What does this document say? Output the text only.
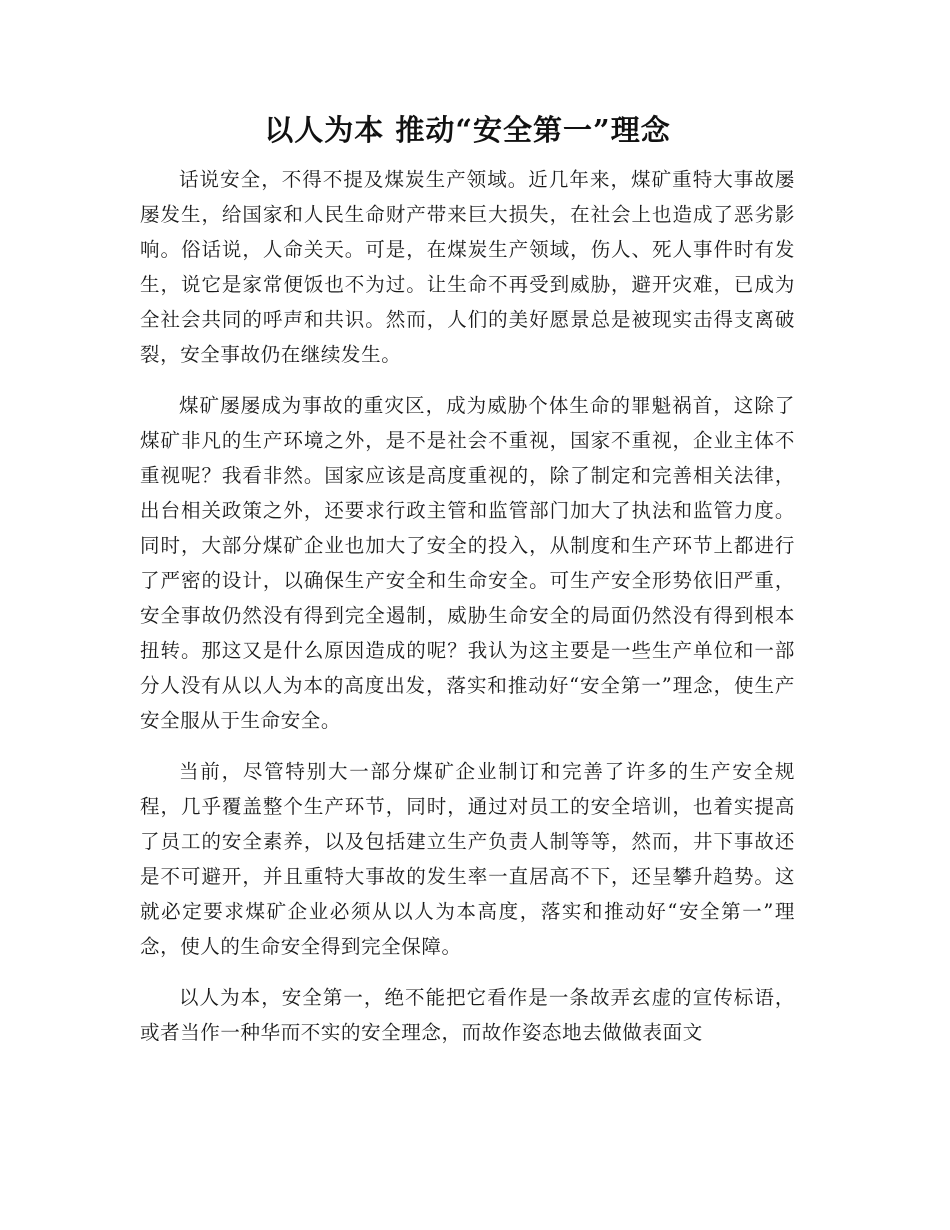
以人为本 推动“安全第一”理念

话说安全，不得不提及煤炭生产领域。近几年来，煤矿重特大事故屡屡发生，给国家和人民生命财产带来巨大损失，在社会上也造成了恶劣影响。俗话说，人命关天。可是，在煤炭生产领域，伤人、死人事件时有发生，说它是家常便饭也不为过。让生命不再受到威胁，避开灾难，已成为全社会共同的呼声和共识。然而，人们的美好愿景总是被现实击得支离破裂，安全事故仍在继续发生。

煤矿屡屡成为事故的重灾区，成为威胁个体生命的罪魁祸首，这除了煤矿非凡的生产环境之外，是不是社会不重视，国家不重视，企业主体不重视呢？我看非然。国家应该是高度重视的，除了制定和完善相关法律，出台相关政策之外，还要求行政主管和监管部门加大了执法和监管力度。同时，大部分煤矿企业也加大了安全的投入，从制度和生产环节上都进行了严密的设计，以确保生产安全和生命安全。可生产安全形势依旧严重，安全事故仍然没有得到完全遏制，威胁生命安全的局面仍然没有得到根本扭转。那这又是什么原因造成的呢？我认为这主要是一些生产单位和一部分人没有从以人为本的高度出发，落实和推动好“安全第一”理念，使生产安全服从于生命安全。

当前，尽管特别大一部分煤矿企业制订和完善了许多的生产安全规程，几乎覆盖整个生产环节，同时，通过对员工的安全培训，也着实提高了员工的安全素养，以及包括建立生产负责人制等等，然而，井下事故还是不可避开，并且重特大事故的发生率一直居高不下，还呈攀升趋势。这就必定要求煤矿企业必须从以人为本高度，落实和推动好“安全第一”理念，使人的生命安全得到完全保障。

以人为本，安全第一，绝不能把它看作是一条故弄玄虚的宣传标语，或者当作一种华而不实的安全理念，而故作姿态地去做做表面文
